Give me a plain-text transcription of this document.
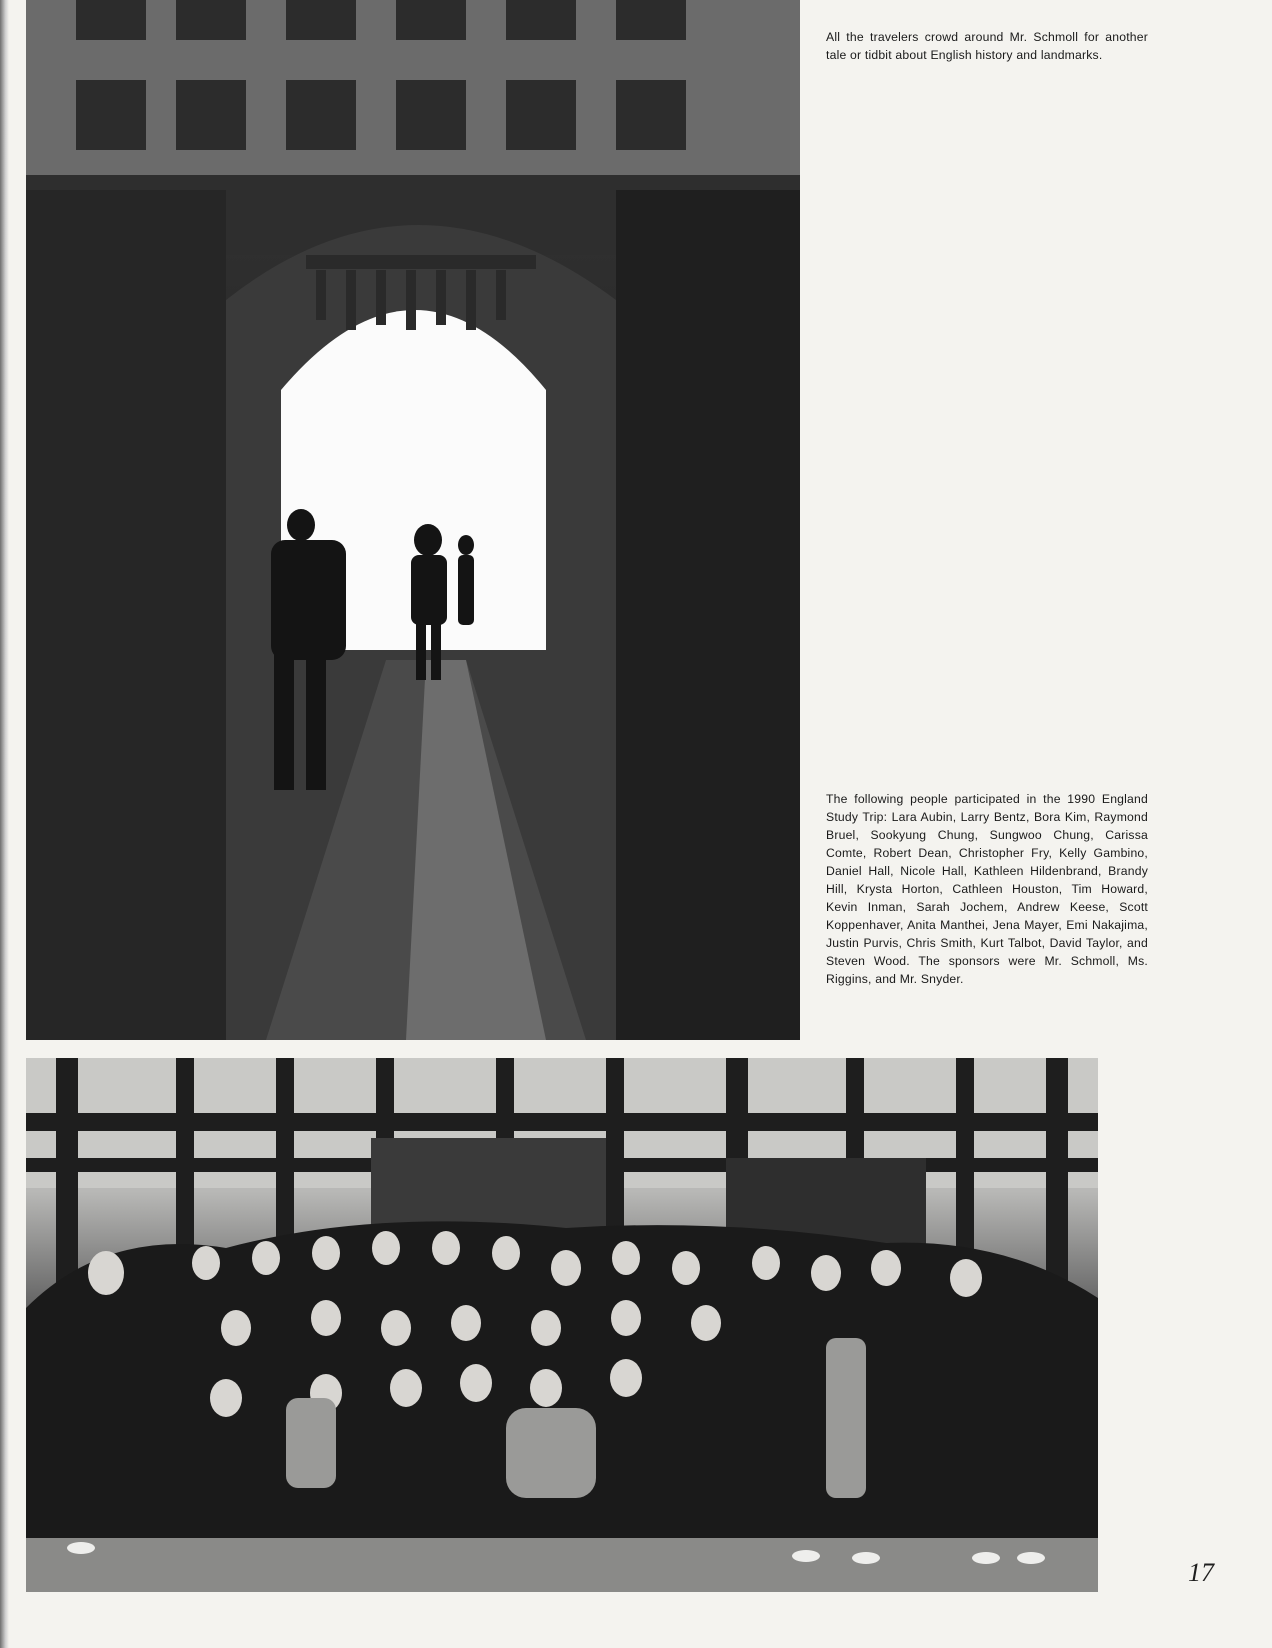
All the travelers crowd around Mr. Schmoll for another tale or tidbit about English history and landmarks.
The following people participated in the 1990 England Study Trip: Lara Aubin, Larry Bentz, Bora Kim, Raymond Bruel, Sookyung Chung, Sungwoo Chung, Carissa Comte, Robert Dean, Christopher Fry, Kelly Gambino, Daniel Hall, Nicole Hall, Kathleen Hildenbrand, Brandy Hill, Krysta Horton, Cathleen Houston, Tim Howard, Kevin Inman, Sarah Jochem, Andrew Keese, Scott Koppenhaver, Anita Manthei, Jena Mayer, Emi Nakajima, Justin Purvis, Chris Smith, Kurt Talbot, David Taylor, and Steven Wood. The sponsors were Mr. Schmoll, Ms. Riggins, and Mr. Snyder.
17
